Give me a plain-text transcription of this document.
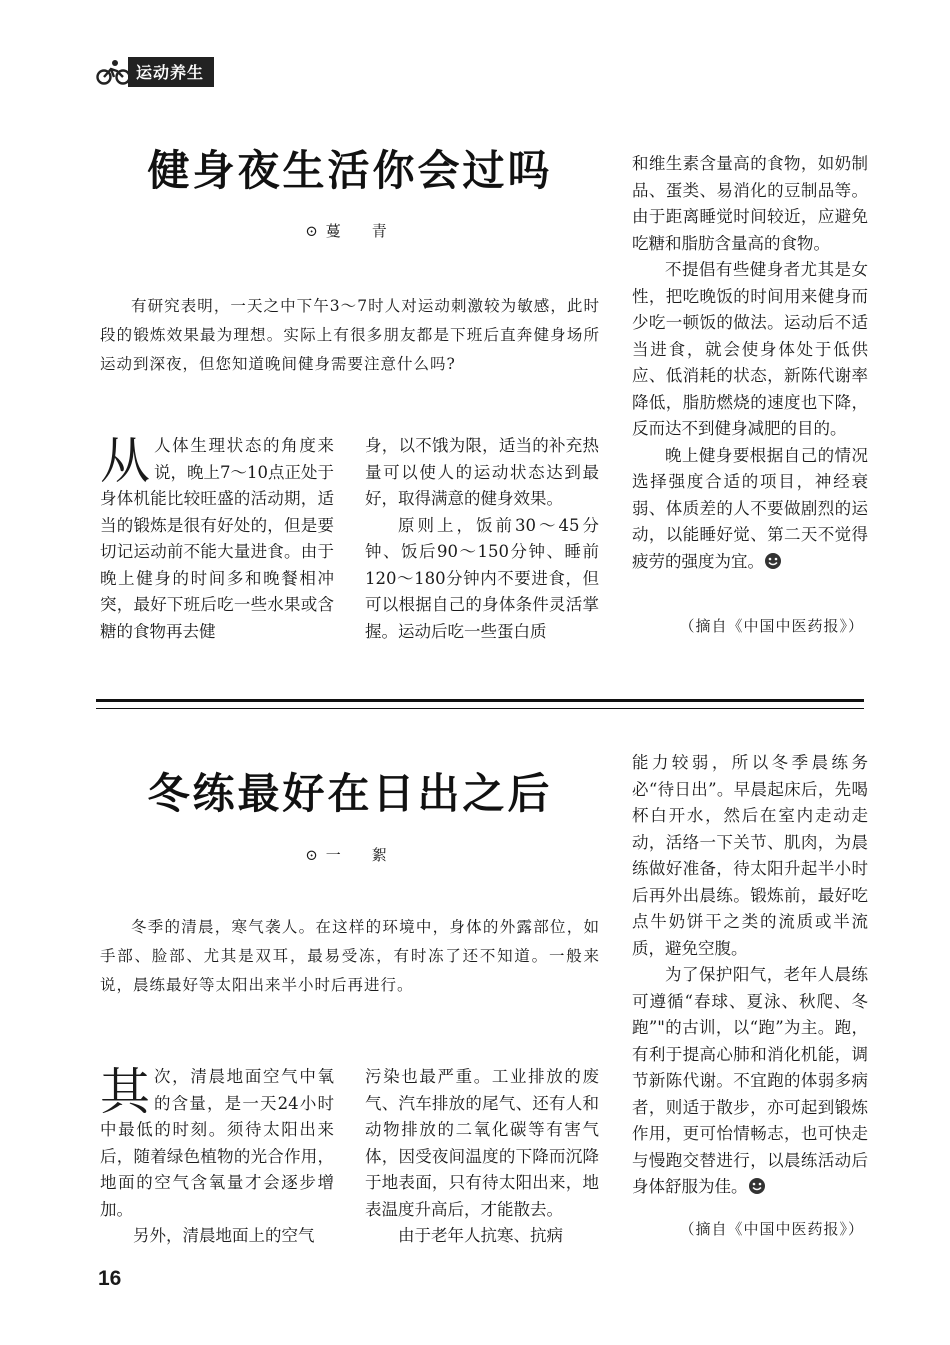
运动养生
健身夜生活你会过吗
⊙蔓　青
有研究表明，一天之中下午3～7时人对运动刺激较为敏感，此时段的锻炼效果最为理想。实际上有很多朋友都是下班后直奔健身场所运动到深夜，但您知道晚间健身需要注意什么吗?

从人体生理状态的角度来说，晚上7～10点正处于身体机能比较旺盛的活动期，适当的锻炼是很有好处的，但是要切记运动前不能大量进食。由于晚上健身的时间多和晚餐相冲突，最好下班后吃一些水果或含糖的食物再去健

身，以不饿为限，适当的补充热量可以使人的运动状态达到最好，取得满意的健身效果。

原则上，饭前30～45分钟、饭后90～150分钟、睡前120～180分钟内不要进食，但可以根据自己的身体条件灵活掌握。运动后吃一些蛋白质

和维生素含量高的食物，如奶制品、蛋类、易消化的豆制品等。由于距离睡觉时间较近，应避免吃糖和脂肪含量高的食物。

不提倡有些健身者尤其是女性，把吃晚饭的时间用来健身而少吃一顿饭的做法。运动后不适当进食，就会使身体处于低供应、低消耗的状态，新陈代谢率降低，脂肪燃烧的速度也下降，反而达不到健身减肥的目的。

晚上健身要根据自己的情况选择强度合适的项目，神经衰弱、体质差的人不要做剧烈的运动，以能睡好觉、第二天不觉得疲劳的强度为宜。

（摘自《中国中医药报》）
冬练最好在日出之后
⊙一　絮
冬季的清晨，寒气袭人。在这样的环境中，身体的外露部位，如手部、脸部、尤其是双耳，最易受冻，有时冻了还不知道。一般来说，晨练最好等太阳出来半小时后再进行。

其次，清晨地面空气中氧的含量，是一天24小时中最低的时刻。须待太阳出来后，随着绿色植物的光合作用，地面的空气含氧量才会逐步增加。

另外，清晨地面上的空气

污染也最严重。工业排放的废气、汽车排放的尾气、还有人和动物排放的二氧化碳等有害气体，因受夜间温度的下降而沉降于地表面，只有待太阳出来，地表温度升高后，才能散去。

由于老年人抗寒、抗病

能力较弱，所以冬季晨练务必“待日出”。早晨起床后，先喝杯白开水，然后在室内走动走动，活络一下关节、肌肉，为晨练做好准备，待太阳升起半小时后再外出晨练。锻炼前，最好吃点牛奶饼干之类的流质或半流质，避免空腹。

为了保护阳气，老年人晨练可遵循“春球、夏泳、秋爬、冬跑”"的古训，以“跑”为主。跑，有利于提高心肺和消化机能，调节新陈代谢。不宜跑的体弱多病者，则适于散步，亦可起到锻炼作用，更可怡情畅志，也可快走与慢跑交替进行，以晨练活动后身体舒服为佳。

（摘自《中国中医药报》）
16
